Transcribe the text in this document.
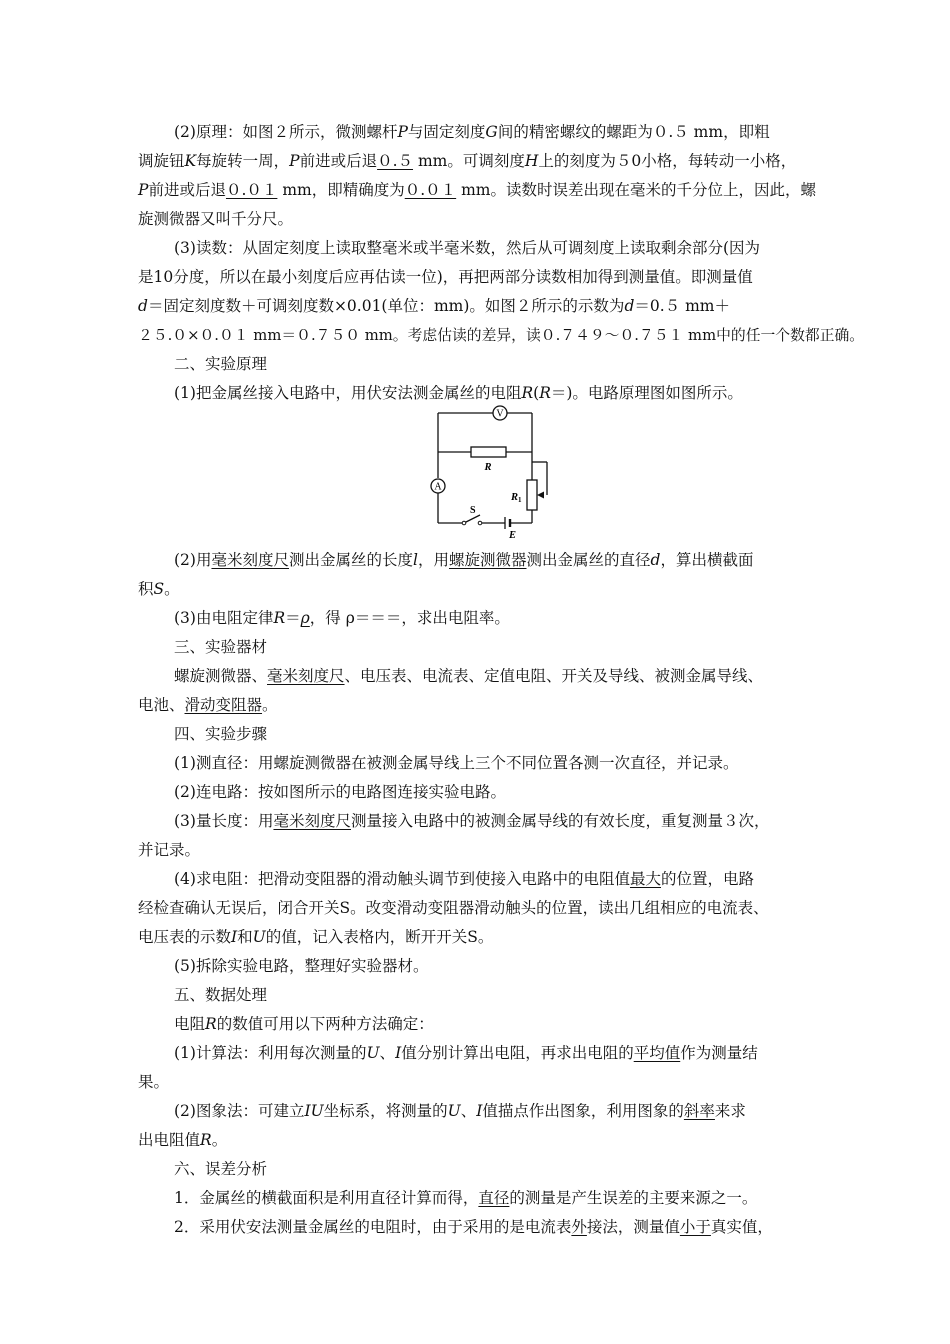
(2)原理：如图２所示，微测螺杆P与固定刻度G间的精密螺纹的螺距为０.５ mm，即粗

调旋钮K每旋转一周，P前进或后退０.５ mm。可调刻度H上的刻度为５0小格，每转动一小格，

P前进或后退０.０１ mm，即精确度为０.０１ mm。读数时误差出现在毫米的千分位上，因此，螺

旋测微器又叫千分尺。

(3)读数：从固定刻度上读取整毫米或半毫米数，然后从可调刻度上读取剩余部分(因为

是10分度，所以在最小刻度后应再估读一位)，再把两部分读数相加得到测量值。即测量值

d＝固定刻度数＋可调刻度数×0.01(单位：mm)。如图２所示的示数为d＝0.５ mm＋

２５.０×０.０１ mm＝０.７５０ mm。考虑估读的差异，读０.７４９～０.７５１ mm中的任一个数都正确。

二、实验原理

(1)把金属丝接入电路中，用伏安法测金属丝的电阻R(R＝)。电路原理图如图所示。

V
A
R
R1
S
E

(2)用毫米刻度尺测出金属丝的长度l，用螺旋测微器测出金属丝的直径d，算出横截面

积S。

(3)由电阻定律R＝ρ，得 ρ＝＝＝，求出电阻率。

三、实验器材

螺旋测微器、毫米刻度尺、电压表、电流表、定值电阻、开关及导线、被测金属导线、

电池、滑动变阻器。

四、实验步骤

(1)测直径：用螺旋测微器在被测金属导线上三个不同位置各测一次直径，并记录。

(2)连电路：按如图所示的电路图连接实验电路。

(3)量长度：用毫米刻度尺测量接入电路中的被测金属导线的有效长度，重复测量３次，

并记录。

(4)求电阻：把滑动变阻器的滑动触头调节到使接入电路中的电阻值最大的位置，电路

经检查确认无误后，闭合开关S。改变滑动变阻器滑动触头的位置，读出几组相应的电流表、

电压表的示数I和U的值，记入表格内，断开开关S。

(5)拆除实验电路，整理好实验器材。

五、数据处理

电阻R的数值可用以下两种方法确定：

(1)计算法：利用每次测量的U、I值分别计算出电阻，再求出电阻的平均值作为测量结

果。

(2)图象法：可建立IU坐标系，将测量的U、I值描点作出图象，利用图象的斜率来求

出电阻值R。

六、误差分析

1．金属丝的横截面积是利用直径计算而得，直径的测量是产生误差的主要来源之一。

2．采用伏安法测量金属丝的电阻时，由于采用的是电流表外接法，测量值小于真实值，
